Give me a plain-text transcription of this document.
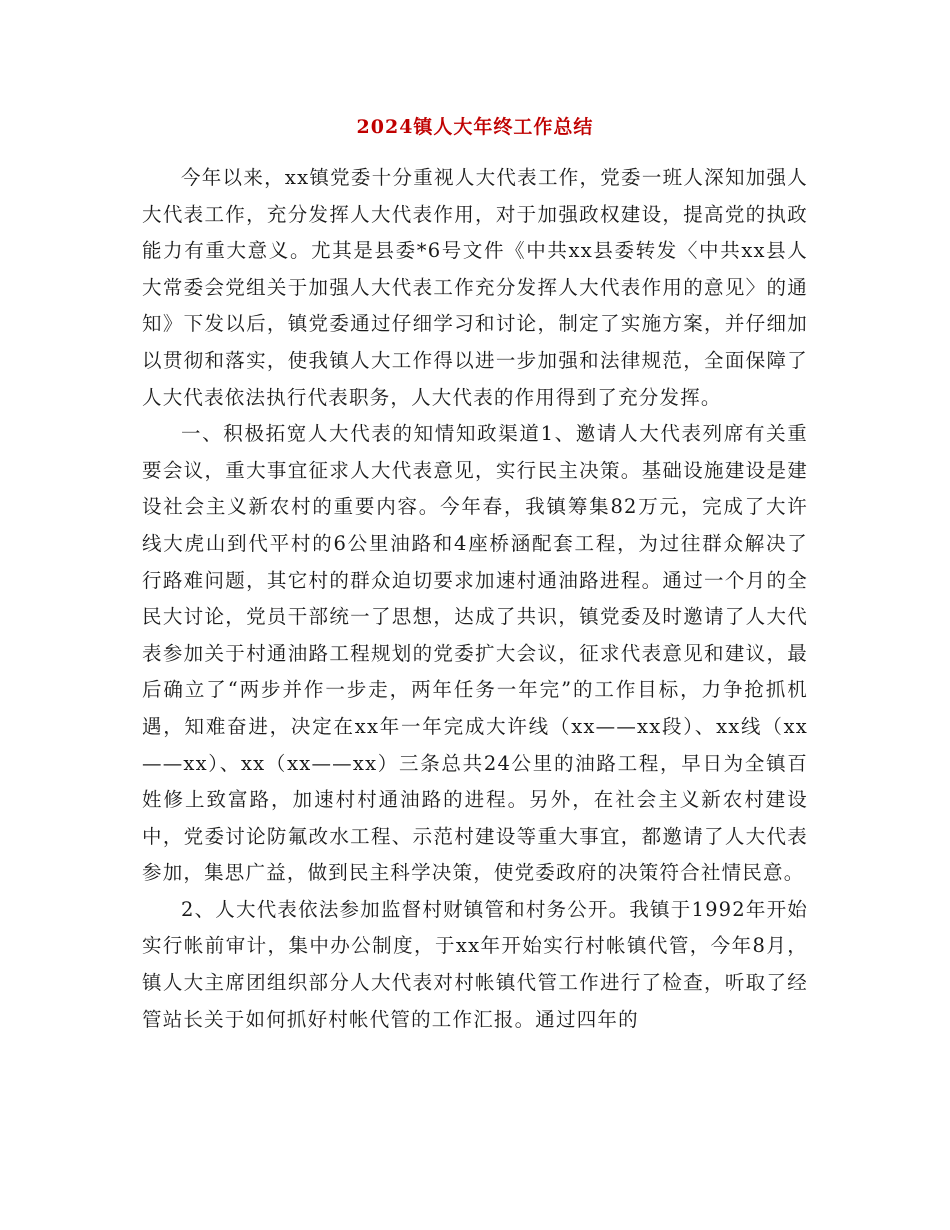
2024镇人大年终工作总结

今年以来，xx镇党委十分重视人大代表工作，党委一班人深知加强人大代表工作，充分发挥人大代表作用，对于加强政权建设，提高党的执政能力有重大意义。尤其是县委*6号文件《中共xx县委转发〈中共xx县人大常委会党组关于加强人大代表工作充分发挥人大代表作用的意见〉的通知》下发以后，镇党委通过仔细学习和讨论，制定了实施方案，并仔细加以贯彻和落实，使我镇人大工作得以进一步加强和法律规范，全面保障了人大代表依法执行代表职务，人大代表的作用得到了充分发挥。

一、积极拓宽人大代表的知情知政渠道1、邀请人大代表列席有关重要会议，重大事宜征求人大代表意见，实行民主决策。基础设施建设是建设社会主义新农村的重要内容。今年春，我镇筹集82万元，完成了大许线大虎山到代平村的6公里油路和4座桥涵配套工程，为过往群众解决了行路难问题，其它村的群众迫切要求加速村通油路进程。通过一个月的全民大讨论，党员干部统一了思想，达成了共识，镇党委及时邀请了人大代表参加关于村通油路工程规划的党委扩大会议，征求代表意见和建议，最后确立了“两步并作一步走，两年任务一年完”的工作目标，力争抢抓机遇，知难奋进，决定在xx年一年完成大许线（xx——xx段）、xx线（xx——xx）、xx（xx——xx）三条总共24公里的油路工程，早日为全镇百姓修上致富路，加速村村通油路的进程。另外，在社会主义新农村建设中，党委讨论防氟改水工程、示范村建设等重大事宜，都邀请了人大代表参加，集思广益，做到民主科学决策，使党委政府的决策符合社情民意。

2、人大代表依法参加监督村财镇管和村务公开。我镇于1992年开始实行帐前审计，集中办公制度，于xx年开始实行村帐镇代管，今年8月，镇人大主席团组织部分人大代表对村帐镇代管工作进行了检查，听取了经管站长关于如何抓好村帐代管的工作汇报。通过四年的
